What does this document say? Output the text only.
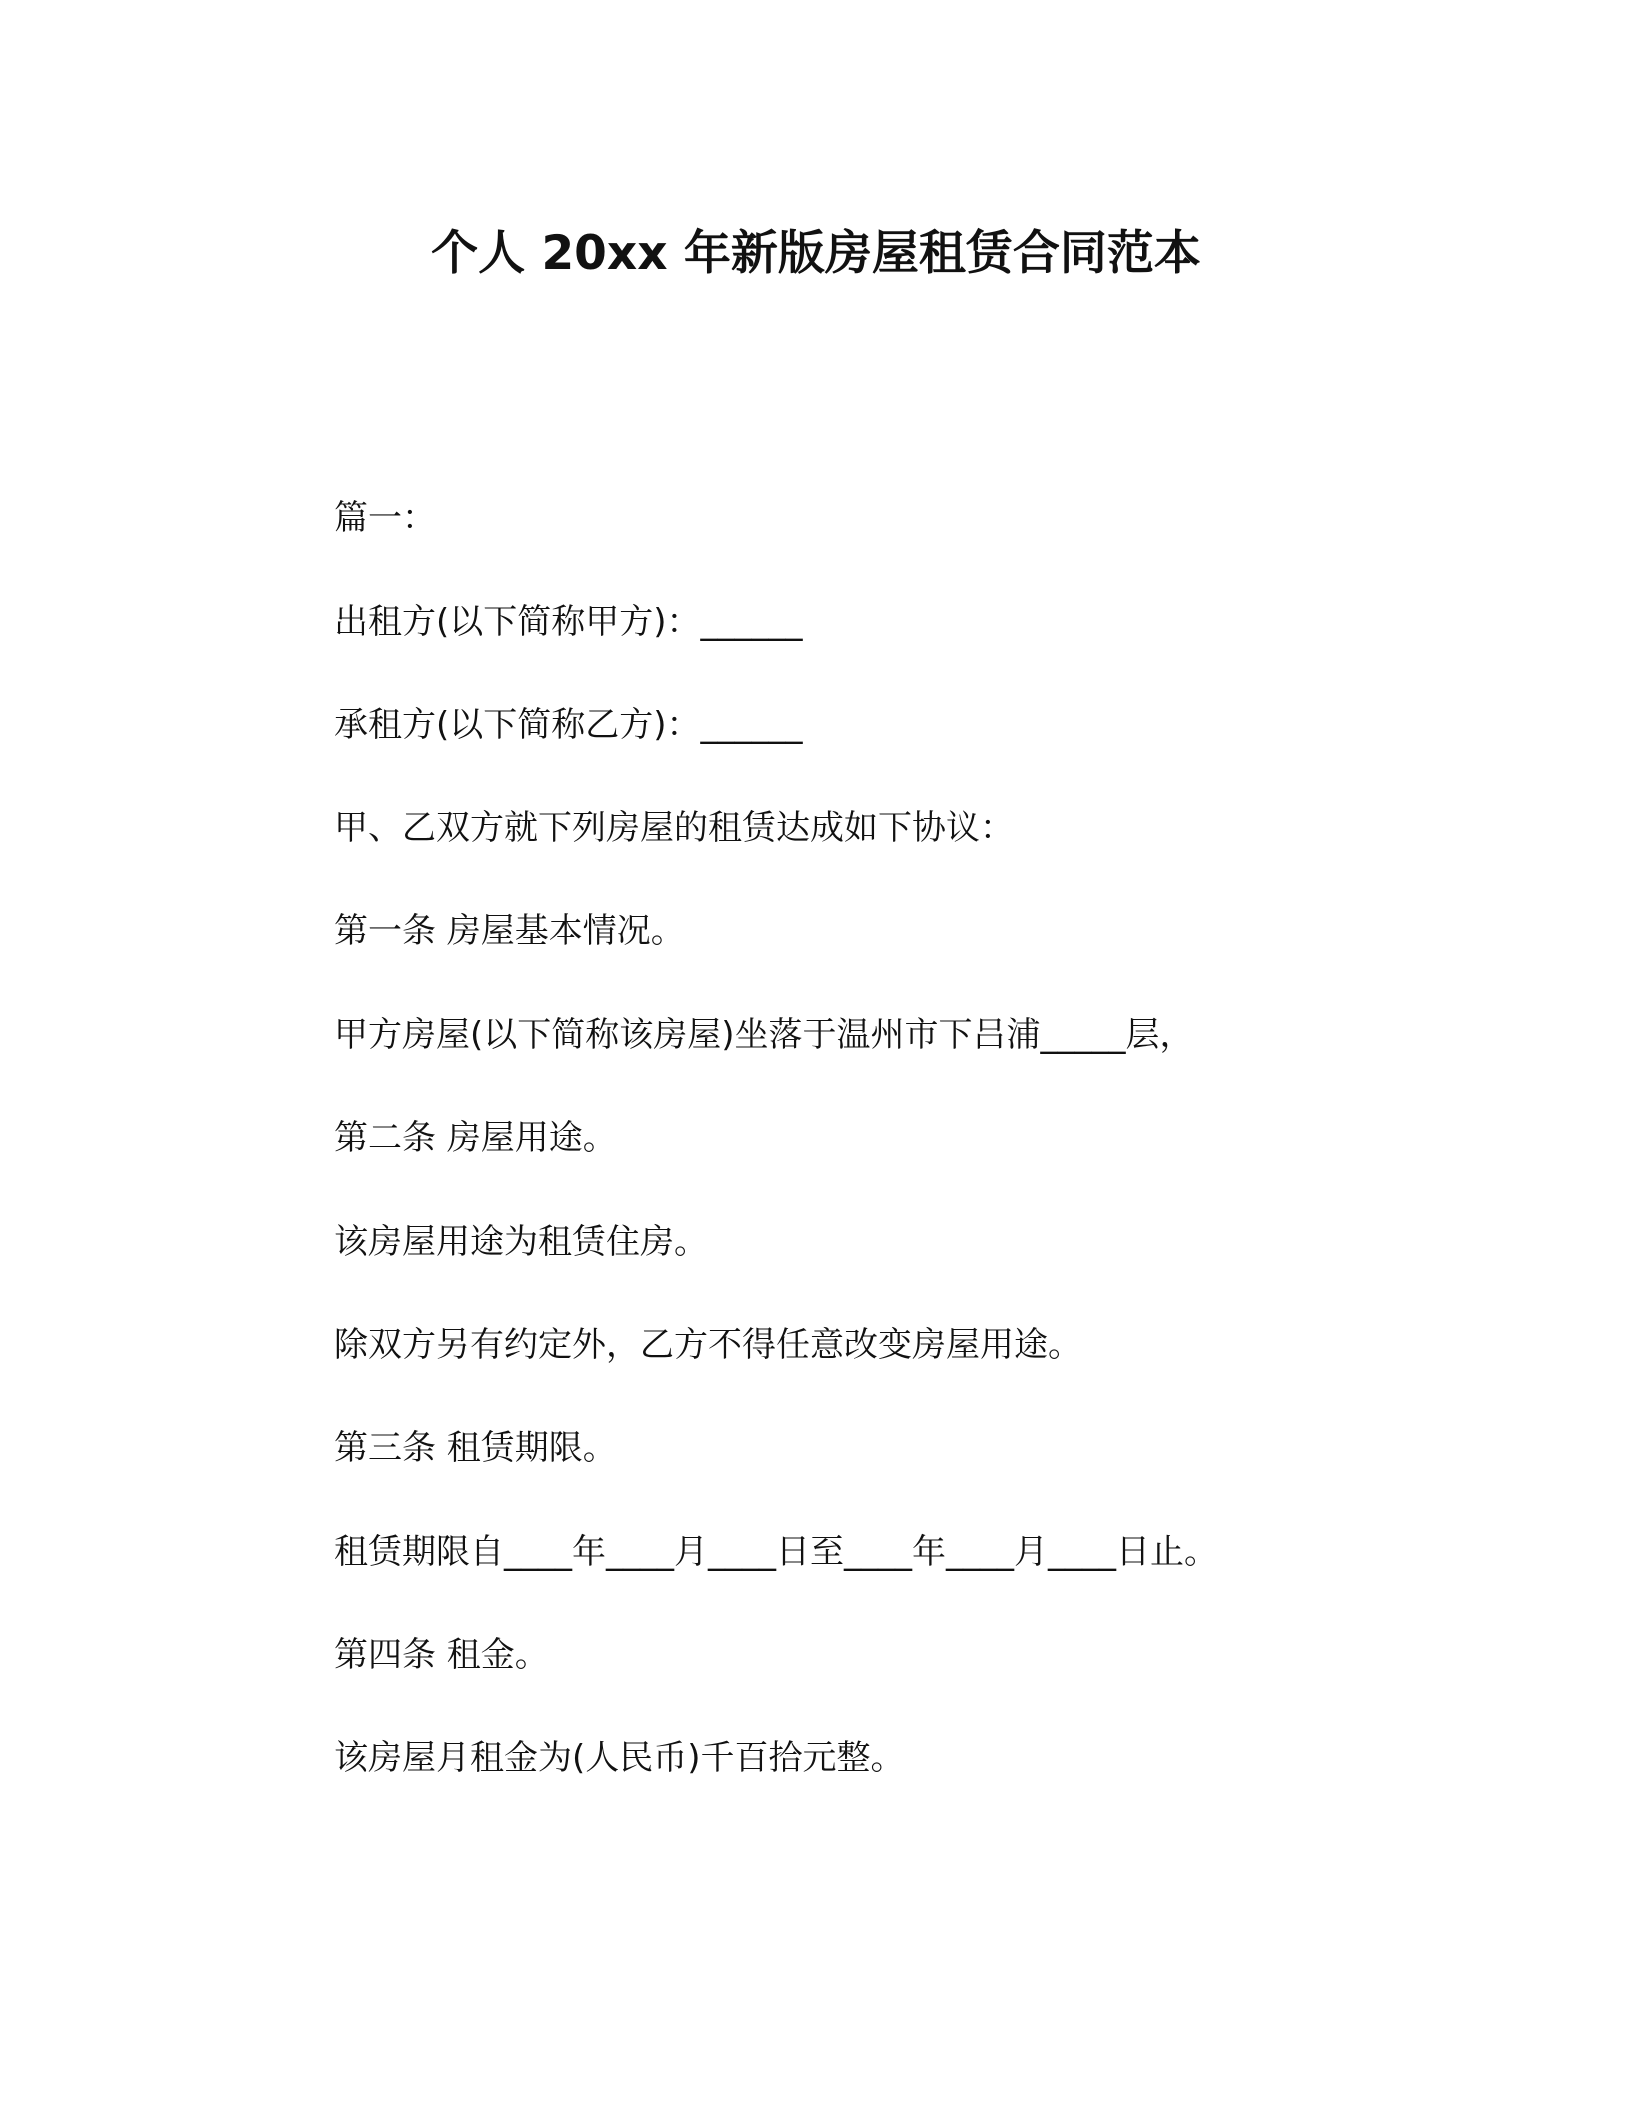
个人 20xx 年新版房屋租赁合同范本
篇一：
出租方(以下简称甲方)：______
承租方(以下简称乙方)：______
甲、乙双方就下列房屋的租赁达成如下协议：
第一条 房屋基本情况。
甲方房屋(以下简称该房屋)坐落于温州市下吕浦_____层，
第二条 房屋用途。
该房屋用途为租赁住房。
除双方另有约定外，乙方不得任意改变房屋用途。
第三条 租赁期限。
租赁期限自____年____月____日至____年____月____日止。
第四条 租金。
该房屋月租金为(人民币)千百拾元整。
